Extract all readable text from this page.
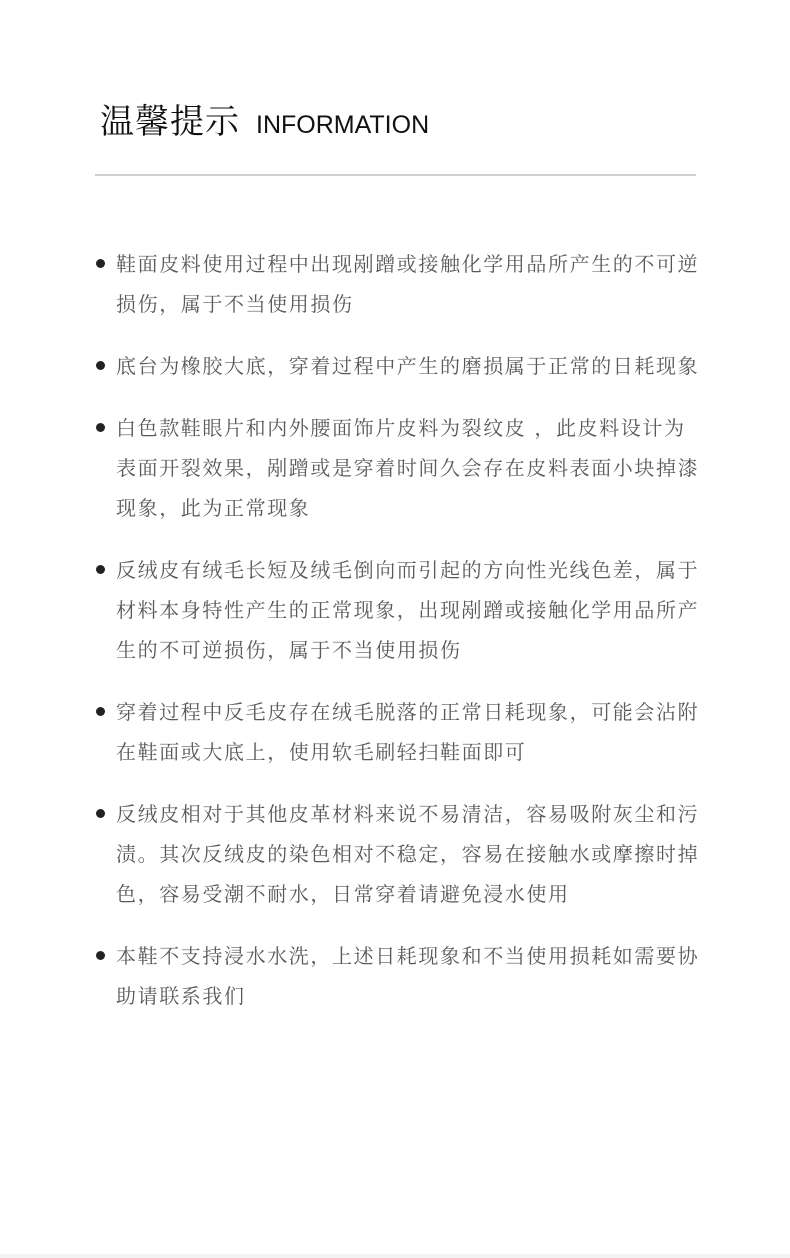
温馨提示 INFORMATION
鞋面皮料使用过程中出现剐蹭或接触化学用品所产生的不可逆损伤，属于不当使用损伤
底台为橡胶大底，穿着过程中产生的磨损属于正常的日耗现象
白色款鞋眼片和内外腰面饰片皮料为裂纹皮 ，此皮料设计为表面开裂效果，剐蹭或是穿着时间久会存在皮料表面小块掉漆现象，此为正常现象
反绒皮有绒毛长短及绒毛倒向而引起的方向性光线色差，属于材料本身特性产生的正常现象，出现剐蹭或接触化学用品所产生的不可逆损伤，属于不当使用损伤
穿着过程中反毛皮存在绒毛脱落的正常日耗现象，可能会沾附在鞋面或大底上，使用软毛刷轻扫鞋面即可
反绒皮相对于其他皮革材料来说不易清洁，容易吸附灰尘和污渍。其次反绒皮的染色相对不稳定，容易在接触水或摩擦时掉色，容易受潮不耐水，日常穿着请避免浸水使用
本鞋不支持浸水水洗，上述日耗现象和不当使用损耗如需要协助请联系我们
